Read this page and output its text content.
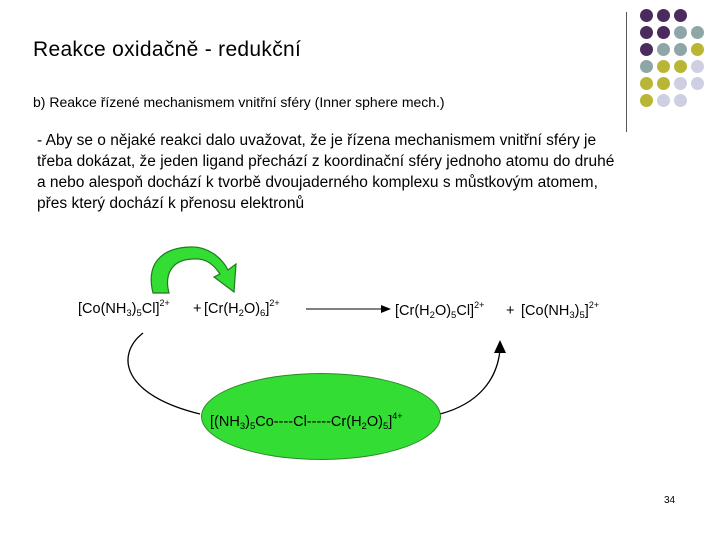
Reakce oxidačně - redukční
b) Reakce řízené mechanismem vnitřní sféry (Inner sphere mech.)
- Aby se o nějaké reakci dalo uvažovat, že je řízena mechanismem vnitřní sféry je třeba dokázat, že jeden ligand přechází z koordinační sféry jednoho atomu do druhé a nebo alespoň dochází k tvorbě dvoujaderného komplexu s můstkovým atomem, přes který dochází k přenosu elektronů
$[Co(NH_3)_5Cl]^{2+} + [Cr(H_2O)_6]^{2+}$	$[Cr(H_2O)_5Cl]^{2+} + [Co(NH_3)_5]^{2+}$
$[(NH_3)_5Co----Cl-----Cr(H_2O)_5]^{4+}$
34
